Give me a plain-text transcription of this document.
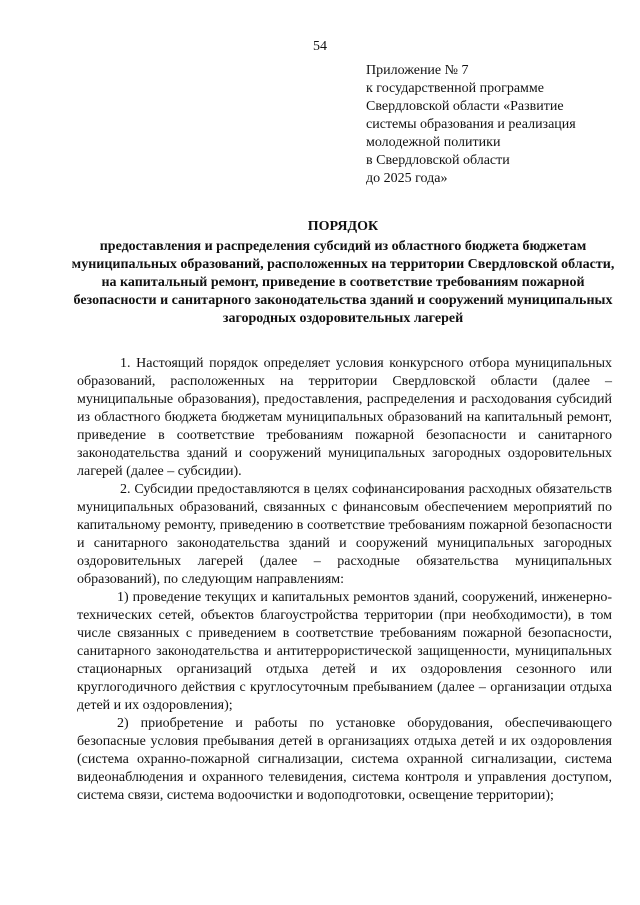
54
Приложение № 7
к государственной программе
Свердловской области «Развитие
системы образования и реализация
молодежной политики
в Свердловской области
до 2025 года»
ПОРЯДОК
предоставления и распределения субсидий из областного бюджета бюджетам муниципальных образований, расположенных на территории Свердловской области, на капитальный ремонт, приведение в соответствие требованиям пожарной безопасности и санитарного законодательства зданий и сооружений муниципальных загородных оздоровительных лагерей

1. Настоящий порядок определяет условия конкурсного отбора муниципальных образований, расположенных на территории Свердловской области (далее – муниципальные образования), предоставления, распределения и расходования субсидий из областного бюджета бюджетам муниципальных образований на капитальный ремонт, приведение в соответствие требованиям пожарной безопасности и санитарного законодательства зданий и сооружений муниципальных загородных оздоровительных лагерей (далее – субсидии).

2. Субсидии предоставляются в целях софинансирования расходных обязательств муниципальных образований, связанных с финансовым обеспечением мероприятий по капитальному ремонту, приведению в соответствие требованиям пожарной безопасности и санитарного законодательства зданий и сооружений муниципальных загородных оздоровительных лагерей (далее – расходные обязательства муниципальных образований), по следующим направлениям:

1) проведение текущих и капитальных ремонтов зданий, сооружений, инженерно-технических сетей, объектов благоустройства территории (при необходимости), в том числе связанных с приведением в соответствие требованиям пожарной безопасности, санитарного законодательства и антитеррористической защищенности, муниципальных стационарных организаций отдыха детей и их оздоровления сезонного или круглогодичного действия с круглосуточным пребыванием (далее – организации отдыха детей и их оздоровления);

2) приобретение и работы по установке оборудования, обеспечивающего безопасные условия пребывания детей в организациях отдыха детей и их оздоровления (система охранно-пожарной сигнализации, система охранной сигнализации, система видеонаблюдения и охранного телевидения, система контроля и управления доступом, система связи, система водоочистки и водоподготовки, освещение территории);
